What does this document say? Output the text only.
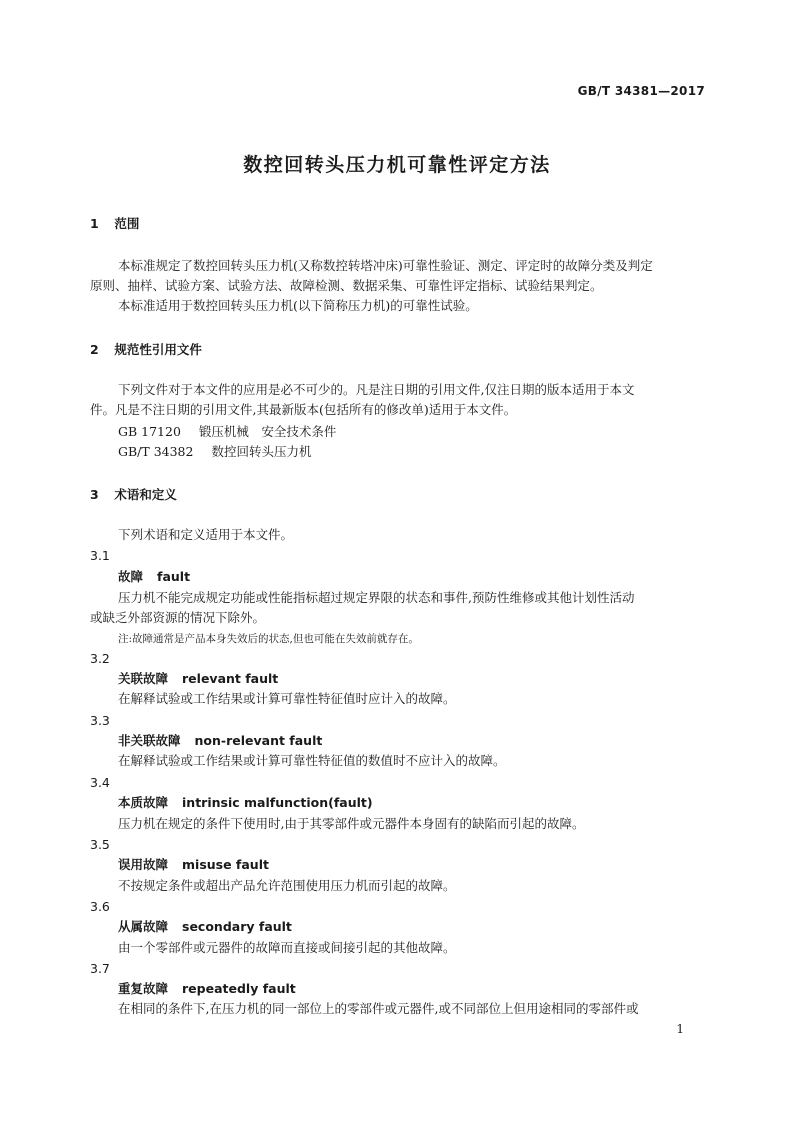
GB/T 34381—2017
数控回转头压力机可靠性评定方法
1 范围
本标准规定了数控回转头压力机(又称数控转塔冲床)可靠性验证、测定、评定时的故障分类及判定
原则、抽样、试验方案、试验方法、故障检测、数据采集、可靠性评定指标、试验结果判定。
本标准适用于数控回转头压力机(以下简称压力机)的可靠性试验。
2 规范性引用文件
下列文件对于本文件的应用是必不可少的。凡是注日期的引用文件,仅注日期的版本适用于本文
件。凡是不注日期的引用文件,其最新版本(包括所有的修改单)适用于本文件。
GB 17120 锻压机械　安全技术条件
GB/T 34382 数控回转头压力机
3 术语和定义
下列术语和定义适用于本文件。
3.1
故障 fault
压力机不能完成规定功能或性能指标超过规定界限的状态和事件,预防性维修或其他计划性活动
或缺乏外部资源的情况下除外。
注:故障通常是产品本身失效后的状态,但也可能在失效前就存在。
3.2
关联故障 relevant fault
在解释试验或工作结果或计算可靠性特征值时应计入的故障。
3.3
非关联故障 non-relevant fault
在解释试验或工作结果或计算可靠性特征值的数值时不应计入的故障。
3.4
本质故障 intrinsic malfunction(fault)
压力机在规定的条件下使用时,由于其零部件或元器件本身固有的缺陷而引起的故障。
3.5
误用故障 misuse fault
不按规定条件或超出产品允许范围使用压力机而引起的故障。
3.6
从属故障 secondary fault
由一个零部件或元器件的故障而直接或间接引起的其他故障。
3.7
重复故障 repeatedly fault
在相同的条件下,在压力机的同一部位上的零部件或元器件,或不同部位上但用途相同的零部件或
1
